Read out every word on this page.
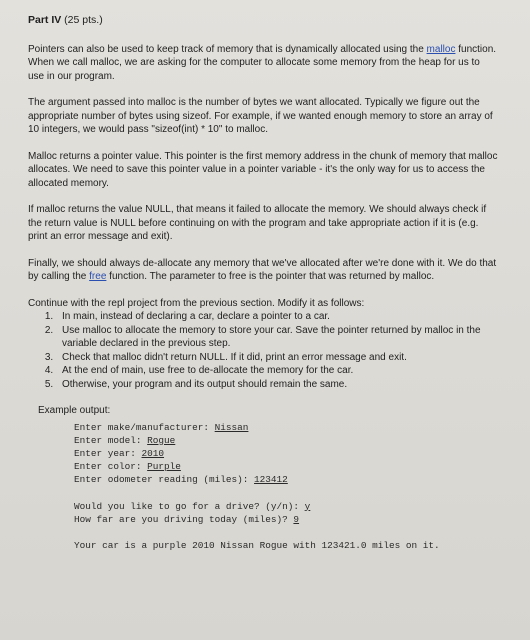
Part IV (25 pts.)

Pointers can also be used to keep track of memory that is dynamically allocated using the malloc function. When we call malloc, we are asking for the computer to allocate some memory from the heap for us to use in our program.

The argument passed into malloc is the number of bytes we want allocated. Typically we figure out the appropriate number of bytes using sizeof. For example, if we wanted enough memory to store an array of 10 integers, we would pass "sizeof(int) * 10" to malloc.

Malloc returns a pointer value. This pointer is the first memory address in the chunk of memory that malloc allocates. We need to save this pointer value in a pointer variable - it's the only way for us to access the allocated memory.

If malloc returns the value NULL, that means it failed to allocate the memory. We should always check if the return value is NULL before continuing on with the program and take appropriate action if it is (e.g. print an error message and exit).

Finally, we should always de-allocate any memory that we've allocated after we're done with it. We do that by calling the free function. The parameter to free is the pointer that was returned by malloc.

Continue with the repl project from the previous section. Modify it as follows:

1. In main, instead of declaring a car, declare a pointer to a car.
2. Use malloc to allocate the memory to store your car. Save the pointer returned by malloc in the variable declared in the previous step.
3. Check that malloc didn't return NULL. If it did, print an error message and exit.
4. At the end of main, use free to de-allocate the memory for the car.
5. Otherwise, your program and its output should remain the same.
Example output:
Enter make/manufacturer: Nissan
Enter model: Rogue
Enter year: 2010
Enter color: Purple
Enter odometer reading (miles): 123412
Would you like to go for a drive? (y/n): y
How far are you driving today (miles)? 9
Your car is a purple 2010 Nissan Rogue with 123421.0 miles on it.
